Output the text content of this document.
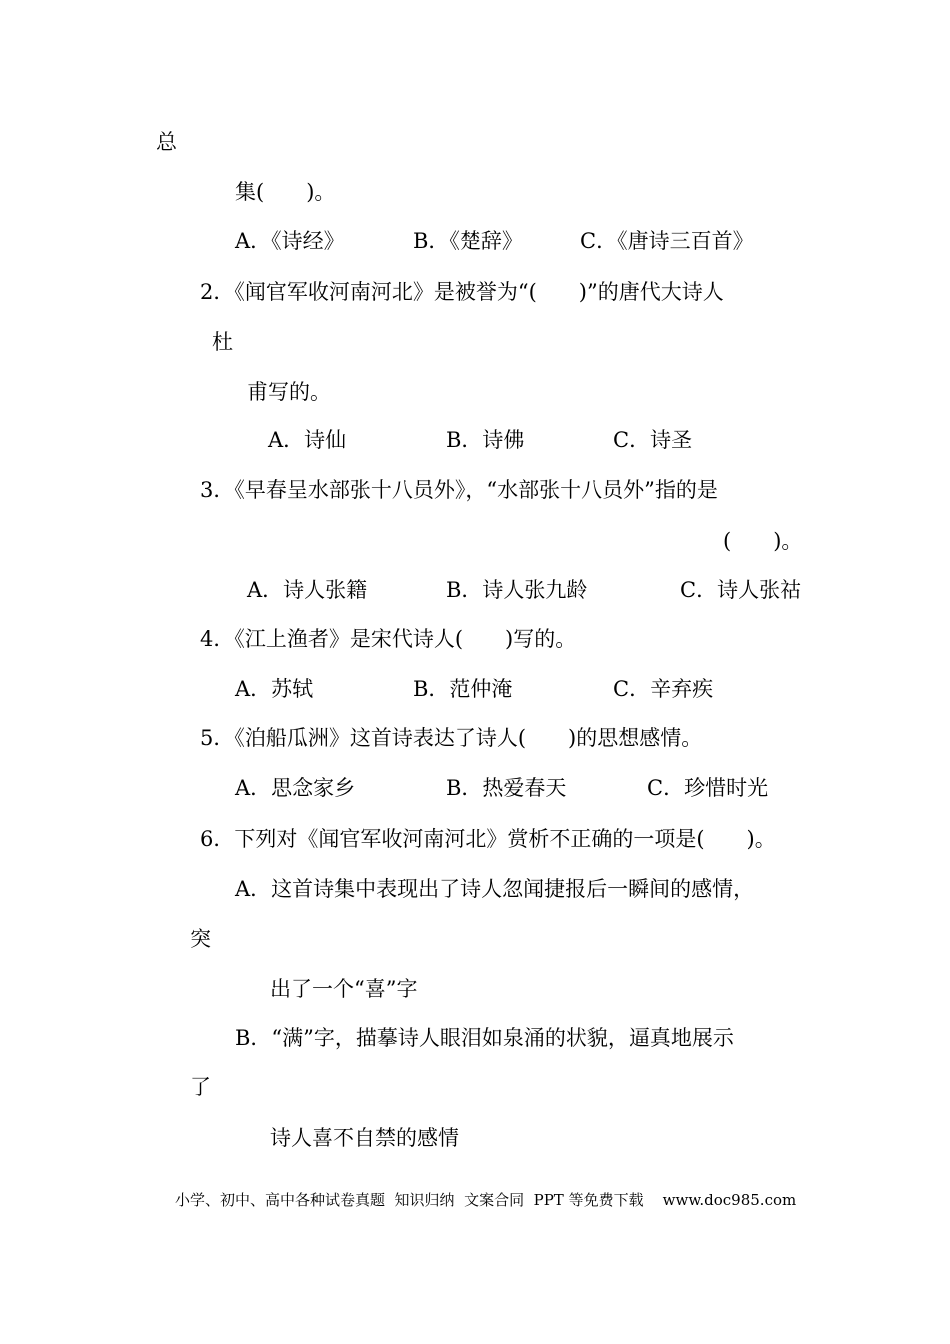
总
集(　　)。
A．《诗经》	B．《楚辞》	C．《唐诗三百首》
2．《闻官军收河南河北》是被誉为“(　　)”的唐代大诗人
杜
甫写的。
A．诗仙	B．诗佛	C．诗圣
3．《早春呈水部张十八员外》，“水部张十八员外”指的是
(　　)。
A．诗人张籍	B．诗人张九龄	C．诗人张祜
4．《江上渔者》是宋代诗人(　　)写的。
A．苏轼	B．范仲淹	C．辛弃疾
5．《泊船瓜洲》这首诗表达了诗人(　　)的思想感情。
A．思念家乡	B．热爱春天	C．珍惜时光
6．下列对《闻官军收河南河北》赏析不正确的一项是(　　)。
A．这首诗集中表现出了诗人忽闻捷报后一瞬间的感情，
突
出了一个“喜”字
B．“满”字，描摹诗人眼泪如泉涌的状貌，逼真地展示
了
诗人喜不自禁的感情
小学、初中、高中各种试卷真题  知识归纳  文案合同  PPT 等免费下载    www.doc985.com
